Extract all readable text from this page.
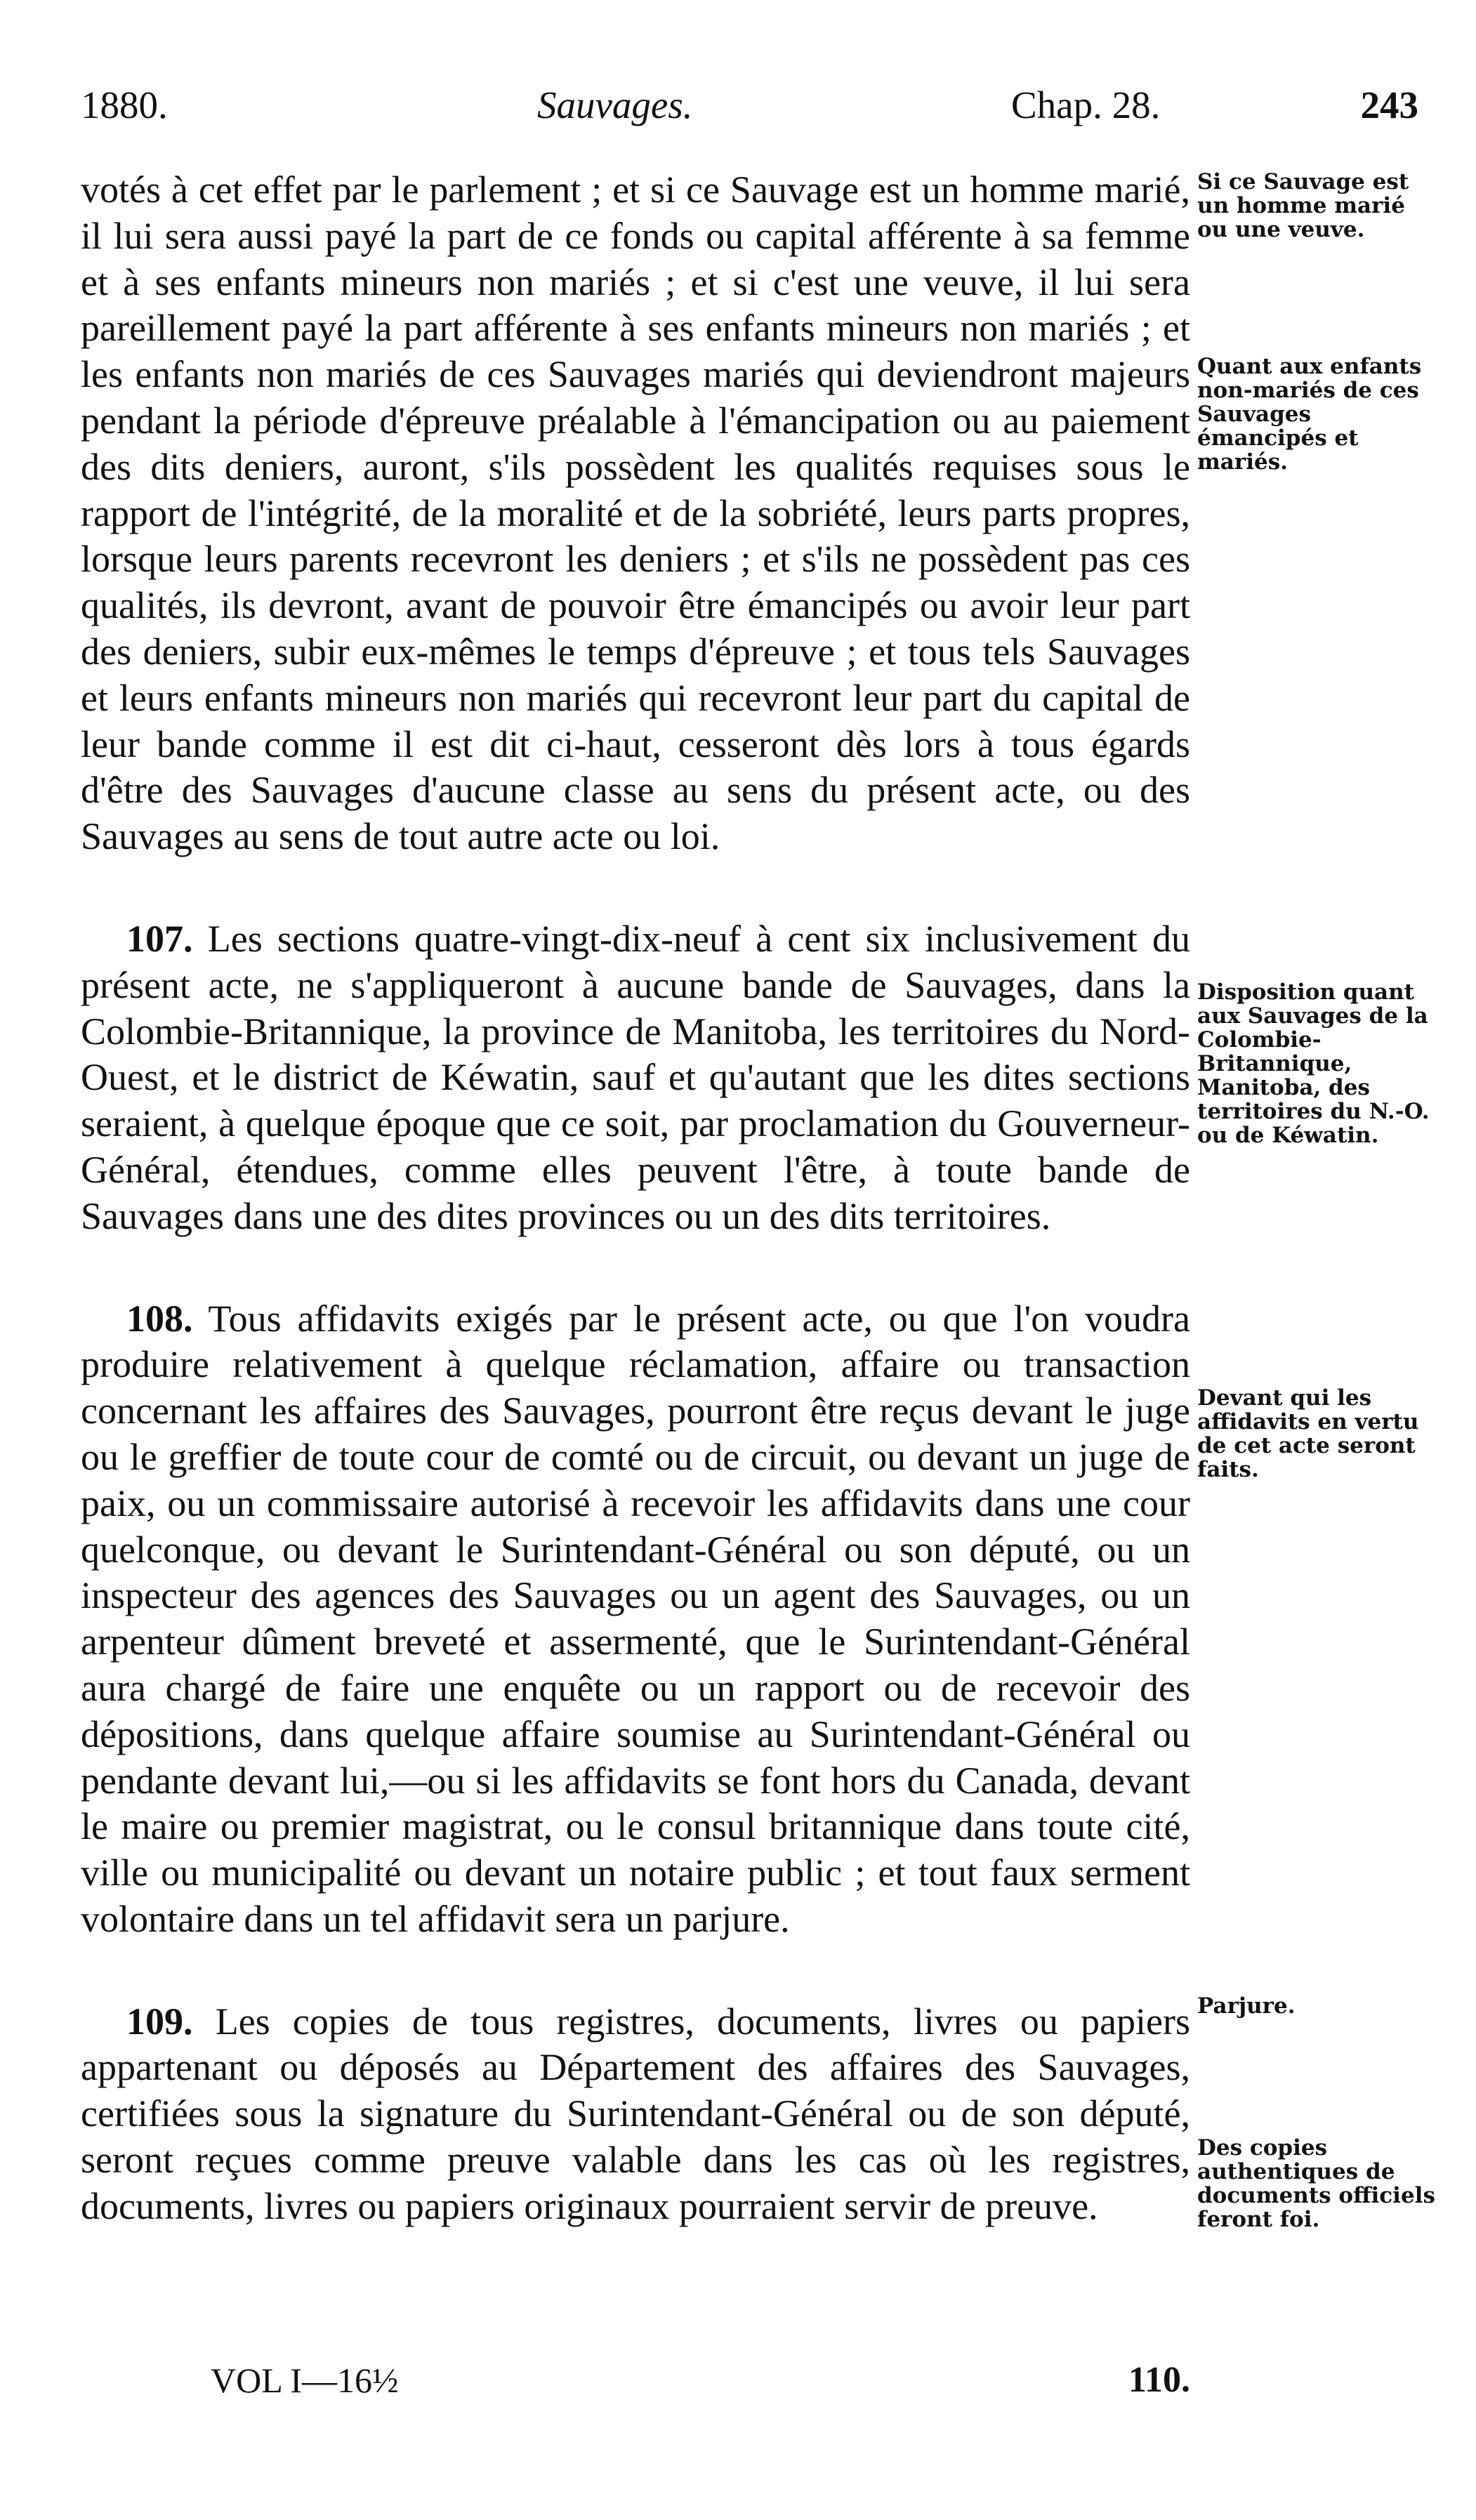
1880.	Sauvages.	Chap. 28.	243

votés à cet effet par le parlement ; et si ce Sauvage est un homme marié, il lui sera aussi payé la part de ce fonds ou capital afférente à sa femme et à ses enfants mineurs non mariés ; et si c'est une veuve, il lui sera pareillement payé la part afférente à ses enfants mineurs non mariés ; et les enfants non mariés de ces Sauvages mariés qui deviendront majeurs pendant la période d'épreuve préalable à l'émancipation ou au paiement des dits deniers, auront, s'ils possèdent les qualités requises sous le rapport de l'intégrité, de la moralité et de la sobriété, leurs parts propres, lorsque leurs parents recevront les deniers ; et s'ils ne possèdent pas ces qualités, ils devront, avant de pouvoir être émancipés ou avoir leur part des deniers, subir eux-mêmes le temps d'épreuve ; et tous tels Sauvages et leurs enfants mineurs non mariés qui recevront leur part du capital de leur bande comme il est dit ci-haut, cesseront dès lors à tous égards d'être des Sauvages d'aucune classe au sens du présent acte, ou des Sauvages au sens de tout autre acte ou loi.

107. Les sections quatre-vingt-dix-neuf à cent six inclusivement du présent acte, ne s'appliqueront à aucune bande de Sauvages, dans la Colombie-Britannique, la province de Manitoba, les territoires du Nord-Ouest, et le district de Kéwatin, sauf et qu'autant que les dites sections seraient, à quelque époque que ce soit, par proclamation du Gouverneur-Général, étendues, comme elles peuvent l'être, à toute bande de Sauvages dans une des dites provinces ou un des dits territoires.

108. Tous affidavits exigés par le présent acte, ou que l'on voudra produire relativement à quelque réclamation, affaire ou transaction concernant les affaires des Sauvages, pourront être reçus devant le juge ou le greffier de toute cour de comté ou de circuit, ou devant un juge de paix, ou un commissaire autorisé à recevoir les affidavits dans une cour quelconque, ou devant le Surintendant-Général ou son député, ou un inspecteur des agences des Sauvages ou un agent des Sauvages, ou un arpenteur dûment breveté et assermenté, que le Surintendant-Général aura chargé de faire une enquête ou un rapport ou de recevoir des dépositions, dans quelque affaire soumise au Surintendant-Général ou pendante devant lui,—ou si les affidavits se font hors du Canada, devant le maire ou premier magistrat, ou le consul britannique dans toute cité, ville ou municipalité ou devant un notaire public ; et tout faux serment volontaire dans un tel affidavit sera un parjure.

109. Les copies de tous registres, documents, livres ou papiers appartenant ou déposés au Département des affaires des Sauvages, certifiées sous la signature du Surintendant-Général ou de son député, seront reçues comme preuve valable dans les cas où les registres, documents, livres ou papiers originaux pourraient servir de preuve.

Si ce Sauvage est un homme marié ou une veuve.
Quant aux enfants non-mariés de ces Sauvages émancipés et mariés.
Disposition quant aux Sauvages de la Colombie-Britannique, Manitoba, des territoires du N.-O. ou de Kéwatin.
Devant qui les affidavits en vertu de cet acte seront faits.
Parjure.
Des copies authentiques de documents officiels feront foi.
VOL I—16½	110.
